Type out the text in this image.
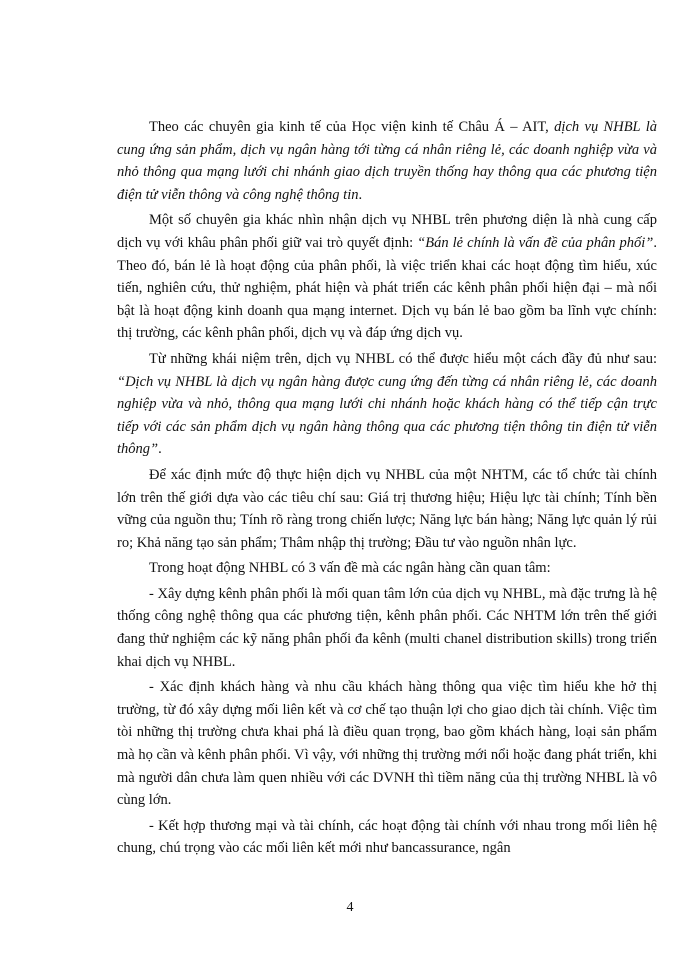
Theo các chuyên gia kinh tế của Học viện kinh tế Châu Á – AIT, dịch vụ NHBL là cung ứng sản phẩm, dịch vụ ngân hàng tới từng cá nhân riêng lẻ, các doanh nghiệp vừa và nhỏ thông qua mạng lưới chi nhánh giao dịch truyền thống hay thông qua các phương tiện điện tử viễn thông và công nghệ thông tin.

Một số chuyên gia khác nhìn nhận dịch vụ NHBL trên phương diện là nhà cung cấp dịch vụ với khâu phân phối giữ vai trò quyết định: “Bán lẻ chính là vấn đề của phân phối”. Theo đó, bán lẻ là hoạt động của phân phối, là việc triển khai các hoạt động tìm hiểu, xúc tiến, nghiên cứu, thử nghiệm, phát hiện và phát triển các kênh phân phối hiện đại – mà nổi bật là hoạt động kinh doanh qua mạng internet. Dịch vụ bán lẻ bao gồm ba lĩnh vực chính: thị trường, các kênh phân phối, dịch vụ và đáp ứng dịch vụ.

Từ những khái niệm trên, dịch vụ NHBL có thể được hiểu một cách đầy đủ như sau: “Dịch vụ NHBL là dịch vụ ngân hàng được cung ứng đến từng cá nhân riêng lẻ, các doanh nghiệp vừa và nhỏ, thông qua mạng lưới chi nhánh hoặc khách hàng có thể tiếp cận trực tiếp với các sản phẩm dịch vụ ngân hàng thông qua các phương tiện thông tin điện tử viễn thông”.

Để xác định mức độ thực hiện dịch vụ NHBL của một NHTM, các tổ chức tài chính lớn trên thế giới dựa vào các tiêu chí sau: Giá trị thương hiệu; Hiệu lực tài chính; Tính bền vững của nguồn thu; Tính rõ ràng trong chiến lược; Năng lực bán hàng; Năng lực quản lý rủi ro; Khả năng tạo sản phẩm; Thâm nhập thị trường; Đầu tư vào nguồn nhân lực.

Trong hoạt động NHBL có 3 vấn đề mà các ngân hàng cần quan tâm:

- Xây dựng kênh phân phối là mối quan tâm lớn của dịch vụ NHBL, mà đặc trưng là hệ thống công nghệ thông qua các phương tiện, kênh phân phối. Các NHTM lớn trên thế giới đang thử nghiệm các kỹ năng phân phối đa kênh (multi chanel distribution skills) trong triển khai dịch vụ NHBL.

- Xác định khách hàng và nhu cầu khách hàng thông qua việc tìm hiểu khe hở thị trường, từ đó xây dựng mối liên kết và cơ chế tạo thuận lợi cho giao dịch tài chính. Việc tìm tòi những thị trường chưa khai phá là điều quan trọng, bao gồm khách hàng, loại sản phẩm mà họ cần và kênh phân phối. Vì vậy, với những thị trường mới nổi hoặc đang phát triển, khi mà người dân chưa làm quen nhiều với các DVNH thì tiềm năng của thị trường NHBL là vô cùng lớn.

- Kết hợp thương mại và tài chính, các hoạt động tài chính với nhau trong mối liên hệ chung, chú trọng vào các mối liên kết mới như bancassurance, ngân

4
